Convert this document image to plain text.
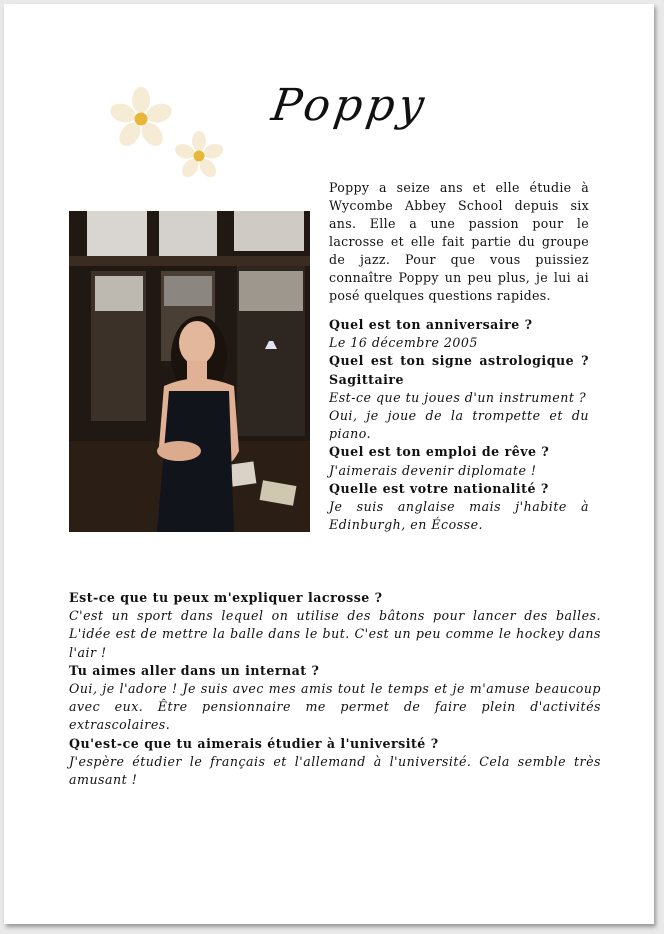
Poppy

Poppy a seize ans et elle étudie à Wycombe Abbey School depuis six ans. Elle a une passion pour le lacrosse et elle fait partie du groupe de jazz. Pour que vous puissiez connaître Poppy un peu plus, je lui ai posé quelques questions rapides.

Quel est ton anniversaire ?

Le 16 décembre 2005

Quel est ton signe astrologique ? Sagittaire

Est-ce que tu joues d'un instrument ?

Oui, je joue de la trompette et du piano.

Quel est ton emploi de rêve ?

J'aimerais devenir diplomate !

Quelle est votre nationalité ?

Je suis anglaise mais j'habite à Edinburgh, en Écosse.

Est-ce que tu peux m'expliquer lacrosse ?

C'est un sport dans lequel on utilise des bâtons pour lancer des balles. L'idée est de mettre la balle dans le but. C'est un peu comme le hockey dans l'air !

Tu aimes aller dans un internat ?

Oui, je l'adore ! Je suis avec mes amis tout le temps et je m'amuse beaucoup avec eux. Être pensionnaire me permet de faire plein d'activités extrascolaires.

Qu'est-ce que tu aimerais étudier à l'université ?

J'espère étudier le français et l'allemand à l'université. Cela semble très amusant !
